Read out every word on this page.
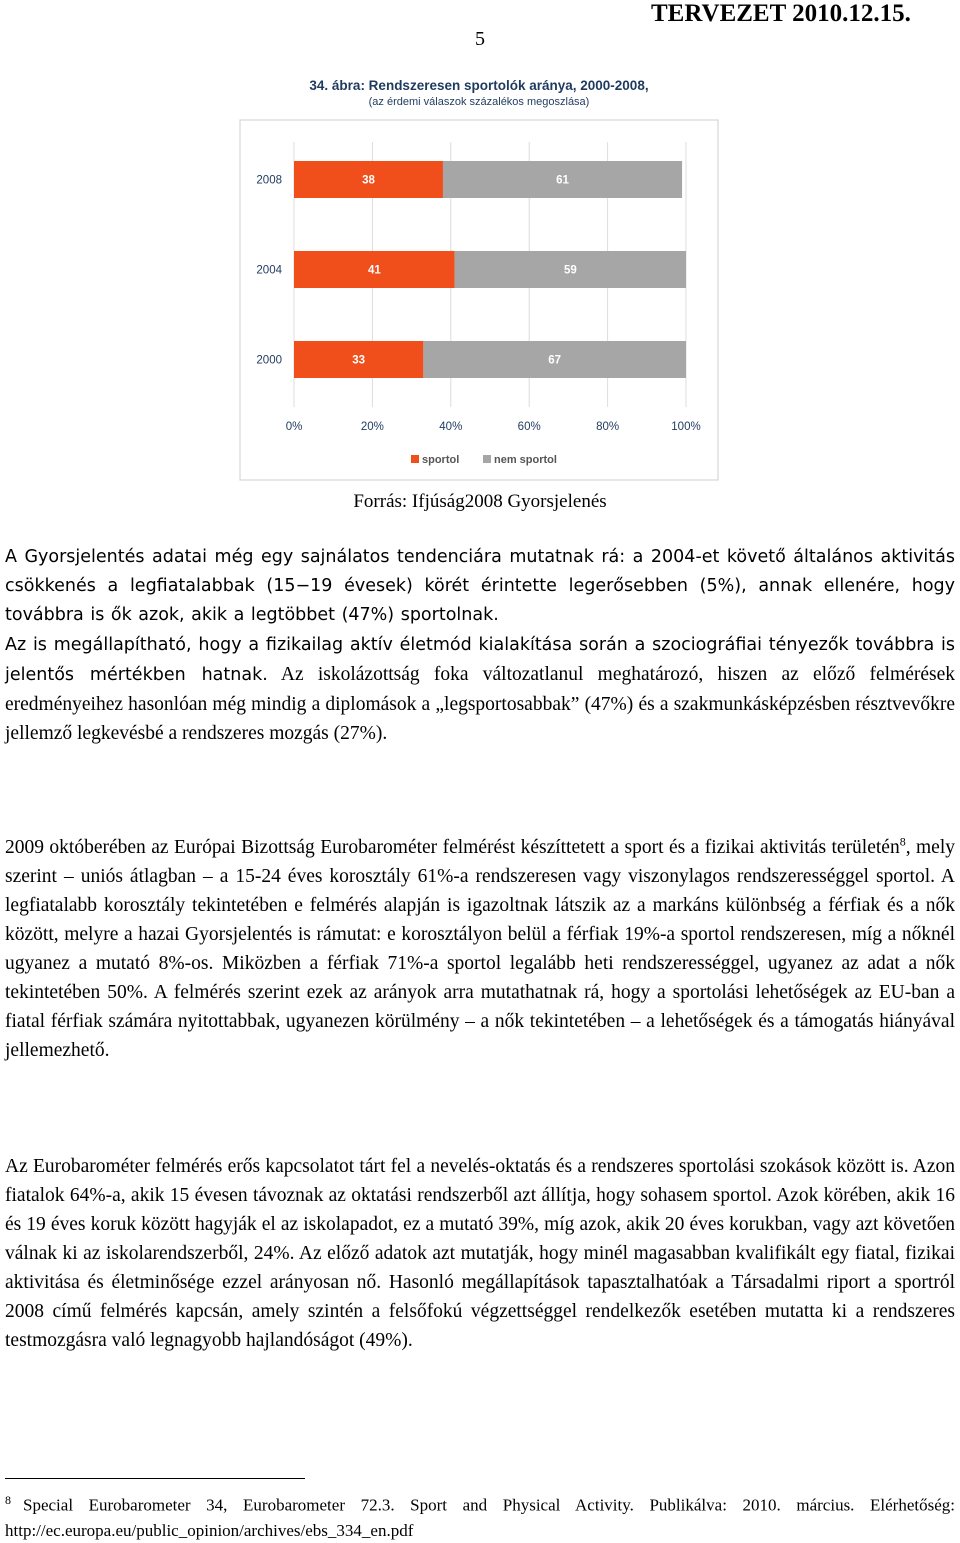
5
TERVEZET 2010.12.15.
34. ábra: Rendszeresen sportolók aránya, 2000-2008,
(az érdemi válaszok százalékos megoszlása)
38	61
41	59
33	67
2008
2004
2000
0%	20%	40%	60%	80%	100%
sportol	nem sportol
Forrás: Ifjúság2008 Gyorsjelenés

A Gyorsjelentés adatai még egy sajnálatos tendenciára mutatnak rá: a 2004-et követő általános aktivitás csökkenés a legfiatalabbak (15−19 évesek) körét érintette legerősebben (5%), annak ellenére, hogy továbbra is ők azok, akik a legtöbbet (47%) sportolnak.

Az is megállapítható, hogy a fizikailag aktív életmód kialakítása során a szociográfiai tényezők továbbra is jelentős mértékben hatnak. Az iskolázottság foka változatlanul meghatározó, hiszen az előző felmérések eredményeihez hasonlóan még mindig a diplomások a „legsportosabbak” (47%) és a szakmunkásképzésben résztvevőkre jellemző legkevésbé a rendszeres mozgás (27%).

2009 októberében az Európai Bizottság Eurobarométer felmérést készíttetett a sport és a fizikai aktivitás területén$^8$, mely szerint – uniós átlagban – a 15-24 éves korosztály 61%-a rendszeresen vagy viszonylagos rendszerességgel sportol. A legfiatalabb korosztály tekintetében e felmérés alapján is igazoltnak látszik az a markáns különbség a férfiak és a nők között, melyre a hazai Gyorsjelentés is rámutat: e korosztályon belül a férfiak 19%-a sportol rendszeresen, míg a nőknél ugyanez a mutató 8%-os. Miközben a férfiak 71%-a sportol legalább heti rendszerességgel, ugyanez az adat a nők tekintetében 50%. A felmérés szerint ezek az arányok arra mutathatnak rá, hogy a sportolási lehetőségek az EU-ban a fiatal férfiak számára nyitottabbak, ugyanezen körülmény – a nők tekintetében – a lehetőségek és a támogatás hiányával jellemezhető.

Az Eurobarométer felmérés erős kapcsolatot tárt fel a nevelés-oktatás és a rendszeres sportolási szokások között is. Azon fiatalok 64%-a, akik 15 évesen távoznak az oktatási rendszerből azt állítja, hogy sohasem sportol. Azok körében, akik 16 és 19 éves koruk között hagyják el az iskolapadot, ez a mutató 39%, míg azok, akik 20 éves korukban, vagy azt követően válnak ki az iskolarendszerből, 24%. Az előző adatok azt mutatják, hogy minél magasabban kvalifikált egy fiatal, fizikai aktivitása és életminősége ezzel arányosan nő. Hasonló megállapítások tapasztalhatóak a Társadalmi riport a sportról 2008 című felmérés kapcsán, amely szintén a felsőfokú végzettséggel rendelkezők esetében mutatta ki a rendszeres testmozgásra való legnagyobb hajlandóságot (49%).

$^8$ Special Eurobarometer 34, Eurobarometer 72.3. Sport and Physical Activity. Publikálva: 2010. március. Elérhetőség: http://ec.europa.eu/public_opinion/archives/ebs_334_en.pdf
